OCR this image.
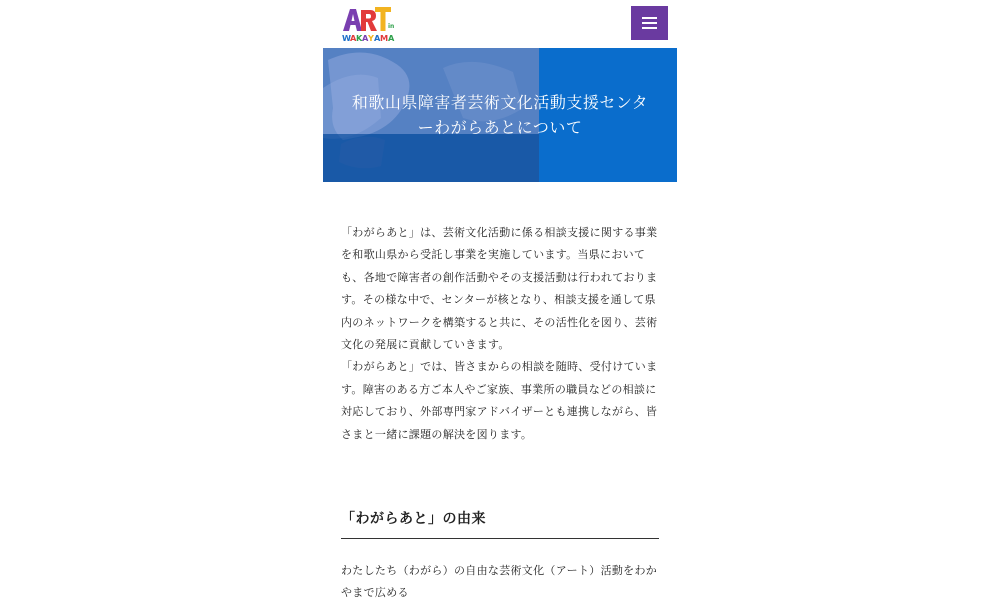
in
W A K A Y A M A
和歌山県障害者芸術文化活動支援センタ
ーわがらあとについて

「わがらあと」は、芸術文化活動に係る相談支援に関する事業を和歌山県から受託し事業を実施しています。当県においても、各地で障害者の創作活動やその支援活動は行われております。その様な中で、センターが核となり、相談支援を通して県内のネットワークを構築すると共に、その活性化を図り、芸術文化の発展に貢献していきます。

「わがらあと」では、皆さまからの相談を随時、受付けています。障害のある方ご本人やご家族、事業所の職員などの相談に対応しており、外部専門家アドバイザーとも連携しながら、皆さまと一緒に課題の解決を図ります。

「わがらあと」の由来

わたしたち（わがら）の自由な芸術文化（アート）活動をわかやまで広める
